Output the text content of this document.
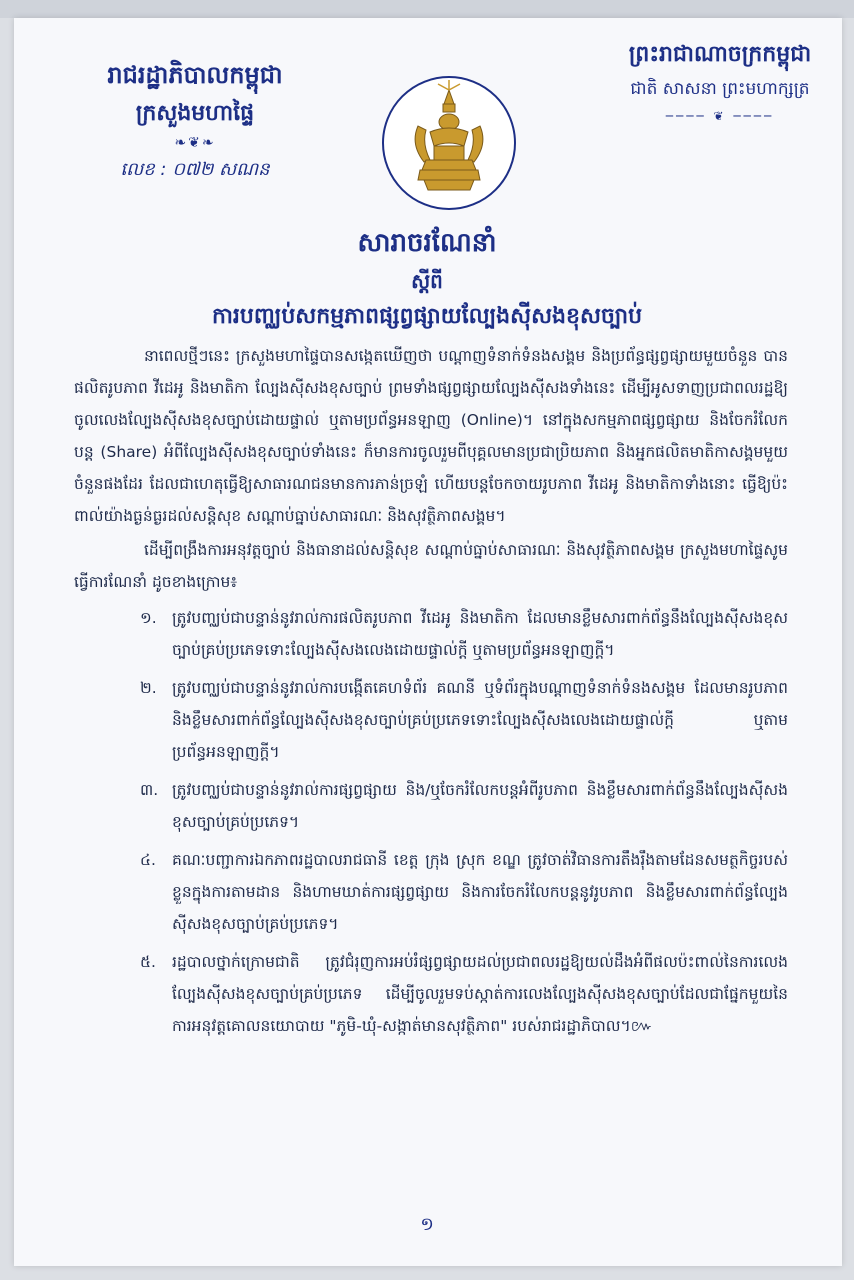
រាជរដ្ឋាភិបាលកម្ពុជា
ក្រសួងមហាផ្ទៃ
❧❦❧
លេខ : ០៧២ សណន
ព្រះរាជាណាចក្រកម្ពុជា
ជាតិ សាសនា ព្រះមហាក្សត្រ
──── ❦ ────
សារាចរណែនាំ
ស្តីពី
ការបញ្ឈប់សកម្មភាពផ្សព្វផ្សាយល្បែងស៊ីសងខុសច្បាប់

នាពេលថ្មីៗនេះ ក្រសួងមហាផ្ទៃបានសង្កេតឃើញថា បណ្តាញទំនាក់ទំនងសង្គម និងប្រព័ន្ធផ្សព្វផ្សាយមួយចំនួន បានផលិតរូបភាព វីដេអូ និងមាតិកា ល្បែងស៊ីសងខុសច្បាប់ ព្រមទាំងផ្សព្វផ្សាយល្បែងស៊ីសងទាំងនេះ ដើម្បីអូសទាញប្រជាពលរដ្ឋឱ្យចូលលេងល្បែងស៊ីសងខុសច្បាប់ដោយផ្ទាល់ ឬតាមប្រព័ន្ធអនឡាញ (Online)។ នៅក្នុងសកម្មភាពផ្សព្វផ្សាយ និងចែករំលែកបន្ត (Share) អំពីល្បែងស៊ីសងខុសច្បាប់ទាំងនេះ ក៏មានការចូលរួមពីបុគ្គលមានប្រជាប្រិយភាព និងអ្នកផលិតមាតិកាសង្គមមួយចំនួនផងដែរ ដែលជាហេតុធ្វើឱ្យសាធារណជនមានការភាន់ច្រឡំ ហើយបន្តចែកចាយរូបភាព វីដេអូ និងមាតិកាទាំងនោះ ធ្វើឱ្យប៉ះពាល់យ៉ាងធ្ងន់ធ្ងរដល់សន្តិសុខ សណ្តាប់ធ្នាប់សាធារណៈ និងសុវត្ថិភាពសង្គម។

ដើម្បីពង្រឹងការអនុវត្តច្បាប់ និងធានាដល់សន្តិសុខ សណ្តាប់ធ្នាប់សាធារណៈ និងសុវត្ថិភាពសង្គម ក្រសួងមហាផ្ទៃសូមធ្វើការណែនាំ ដូចខាងក្រោម៖

១. ត្រូវបញ្ឈប់ជាបន្ទាន់នូវរាល់ការផលិតរូបភាព វីដេអូ និងមាតិកា ដែលមានខ្លឹមសារពាក់ព័ន្ធនឹងល្បែងស៊ីសងខុសច្បាប់គ្រប់ប្រភេទទោះល្បែងស៊ីសងលេងដោយផ្ទាល់ក្តី ឬតាមប្រព័ន្ធអនឡាញក្តី។
២. ត្រូវបញ្ឈប់ជាបន្ទាន់នូវរាល់ការបង្កើតគេហទំព័រ គណនី ឬទំព័រក្នុងបណ្តាញទំនាក់ទំនងសង្គម ដែលមានរូបភាព និងខ្លឹមសារពាក់ព័ន្ធល្បែងស៊ីសងខុសច្បាប់គ្រប់ប្រភេទទោះល្បែងស៊ីសងលេងដោយផ្ទាល់ក្តី ឬតាមប្រព័ន្ធអនឡាញក្តី។
៣. ត្រូវបញ្ឈប់ជាបន្ទាន់នូវរាល់ការផ្សព្វផ្សាយ និង/ឬចែករំលែកបន្តអំពីរូបភាព និងខ្លឹមសារពាក់ព័ន្ធនឹងល្បែងស៊ីសងខុសច្បាប់គ្រប់ប្រភេទ។
៤. គណៈបញ្ជាការឯកភាពរដ្ឋបាលរាជធានី ខេត្ត ក្រុង ស្រុក ខណ្ឌ ត្រូវចាត់វិធានការតឹងរ៉ឹងតាមដែនសមត្ថកិច្ចរបស់ខ្លួនក្នុងការតាមដាន និងហាមឃាត់ការផ្សព្វផ្សាយ និងការចែករំលែកបន្តនូវរូបភាព និងខ្លឹមសារពាក់ព័ន្ធល្បែងស៊ីសងខុសច្បាប់គ្រប់ប្រភេទ។
៥. រដ្ឋបាលថ្នាក់ក្រោមជាតិ ត្រូវជំរុញការអប់រំផ្សព្វផ្សាយដល់ប្រជាពលរដ្ឋឱ្យយល់ដឹងអំពីផលប៉ះពាល់នៃការលេងល្បែងស៊ីសងខុសច្បាប់គ្រប់ប្រភេទ ដើម្បីចូលរួមទប់ស្កាត់ការលេងល្បែងស៊ីសងខុសច្បាប់ដែលជាផ្នែកមួយនៃការអនុវត្តគោលនយោបាយ "ភូមិ-ឃុំ-សង្កាត់មានសុវត្ថិភាព" របស់រាជរដ្ឋាភិបាល។៚
១
